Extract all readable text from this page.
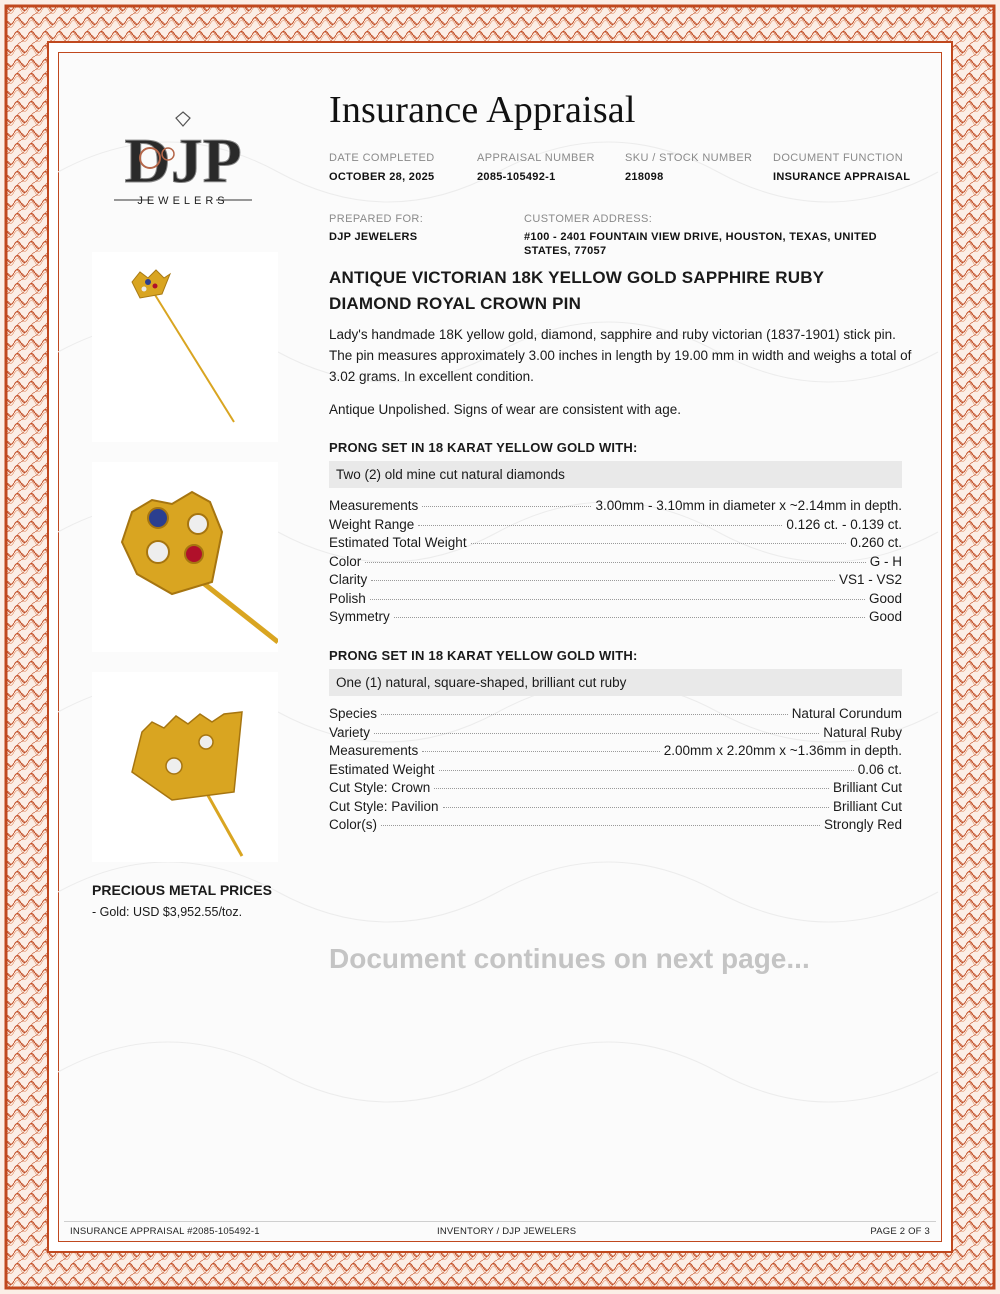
DJP
JEWELERS
Insurance Appraisal
DATE COMPLETED
OCTOBER 28, 2025
APPRAISAL NUMBER
2085-105492-1
SKU / STOCK NUMBER
218098
DOCUMENT FUNCTION
INSURANCE APPRAISAL
PREPARED FOR:
DJP JEWELERS
CUSTOMER ADDRESS:
#100 - 2401 FOUNTAIN VIEW DRIVE, HOUSTON, TEXAS, UNITED STATES, 77057
ANTIQUE VICTORIAN 18K YELLOW GOLD SAPPHIRE RUBY DIAMOND ROYAL CROWN PIN

Lady's handmade 18K yellow gold, diamond, sapphire and ruby victorian (1837-1901) stick pin. The pin measures approximately 3.00 inches in length by 19.00 mm in width and weighs a total of 3.02 grams. In excellent condition.

Antique Unpolished. Signs of wear are consistent with age.

PRONG SET IN 18 KARAT YELLOW GOLD WITH:
Two (2) old mine cut natural diamonds
Measurements	3.00mm - 3.10mm in diameter x ~2.14mm in depth.
Weight Range	0.126 ct. - 0.139 ct.
Estimated Total Weight	0.260 ct.
Color	G - H
Clarity	VS1 - VS2
Polish	Good
Symmetry	Good
PRONG SET IN 18 KARAT YELLOW GOLD WITH:
One (1) natural, square-shaped, brilliant cut ruby
Species	Natural Corundum
Variety	Natural Ruby
Measurements	2.00mm x 2.20mm x ~1.36mm in depth.
Estimated Weight	0.06 ct.
Cut Style: Crown	Brilliant Cut
Cut Style: Pavilion	Brilliant Cut
Color(s)	Strongly Red
PRECIOUS METAL PRICES
- Gold: USD $3,952.55/toz.
Document continues on next page...
INSURANCE APPRAISAL #2085-105492-1	INVENTORY / DJP JEWELERS	PAGE 2 OF 3
